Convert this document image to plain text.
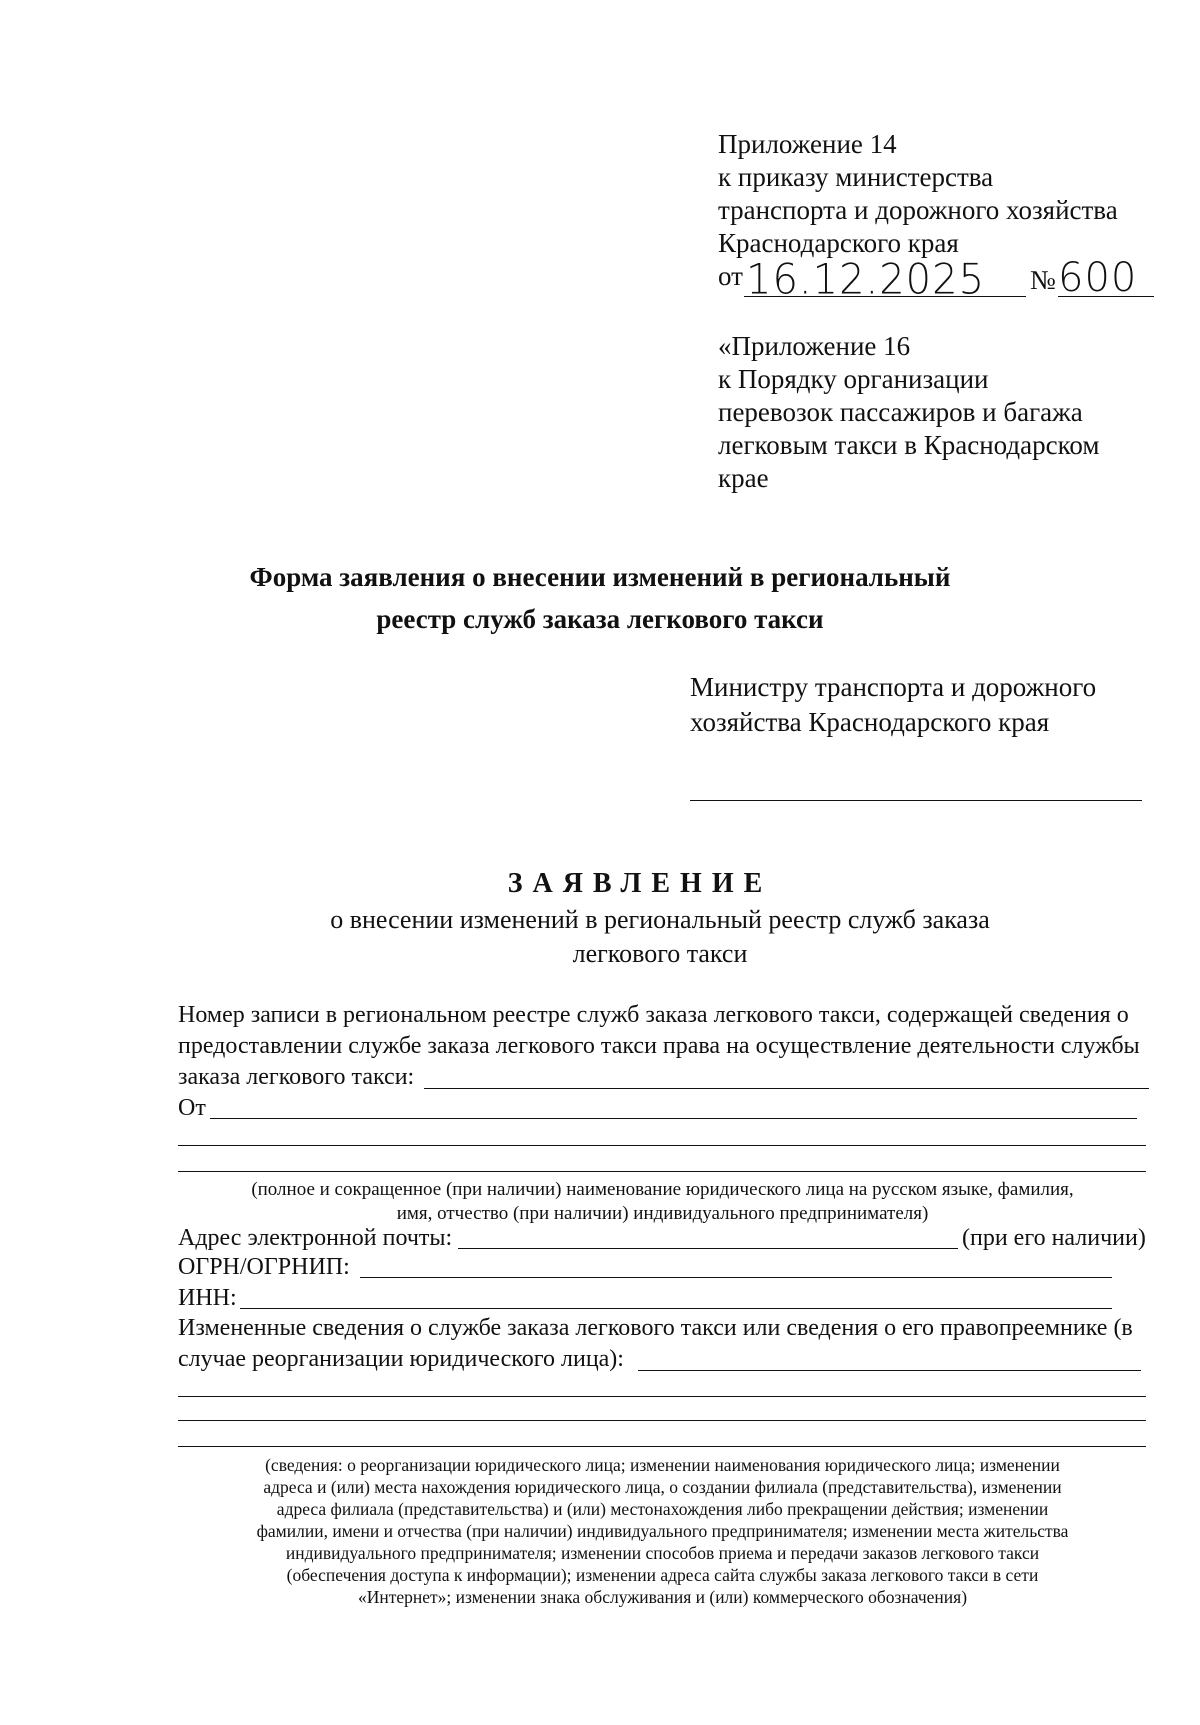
Приложение 14
к приказу министерства
транспорта и дорожного хозяйства
Краснодарского края
от 16.12.2025 № 600
«Приложение 16
к Порядку организации
перевозок пассажиров и багажа
легковым такси в Краснодарском
крае
Форма заявления о внесении изменений в региональный
реестр служб заказа легкового такси
Министру транспорта и дорожного
хозяйства Краснодарского края
ЗАЯВЛЕНИЕ
о внесении изменений в региональный реестр служб заказа
легкового такси
Номер записи в региональном реестре служб заказа легкового такси, содержащей сведения о
предоставлении службе заказа легкового такси права на осуществление деятельности службы
заказа легкового такси:
От
(полное и сокращенное (при наличии) наименование юридического лица на русском языке, фамилия,
имя, отчество (при наличии) индивидуального предпринимателя)
Адрес электронной почты:	(при его наличии)
ОГРН/ОГРНИП:
ИНН:
Измененные сведения о службе заказа легкового такси или сведения о его правопреемнике (в
случае реорганизации юридического лица):
(сведения: о реорганизации юридического лица; изменении наименования юридического лица; изменении
адреса и (или) места нахождения юридического лица, о создании филиала (представительства), изменении
адреса филиала (представительства) и (или) местонахождения либо прекращении действия; изменении
фамилии, имени и отчества (при наличии) индивидуального предпринимателя; изменении места жительства
индивидуального предпринимателя; изменении способов приема и передачи заказов легкового такси
(обеспечения доступа к информации); изменении адреса сайта службы заказа легкового такси в сети
«Интернет»; изменении знака обслуживания и (или) коммерческого обозначения)
